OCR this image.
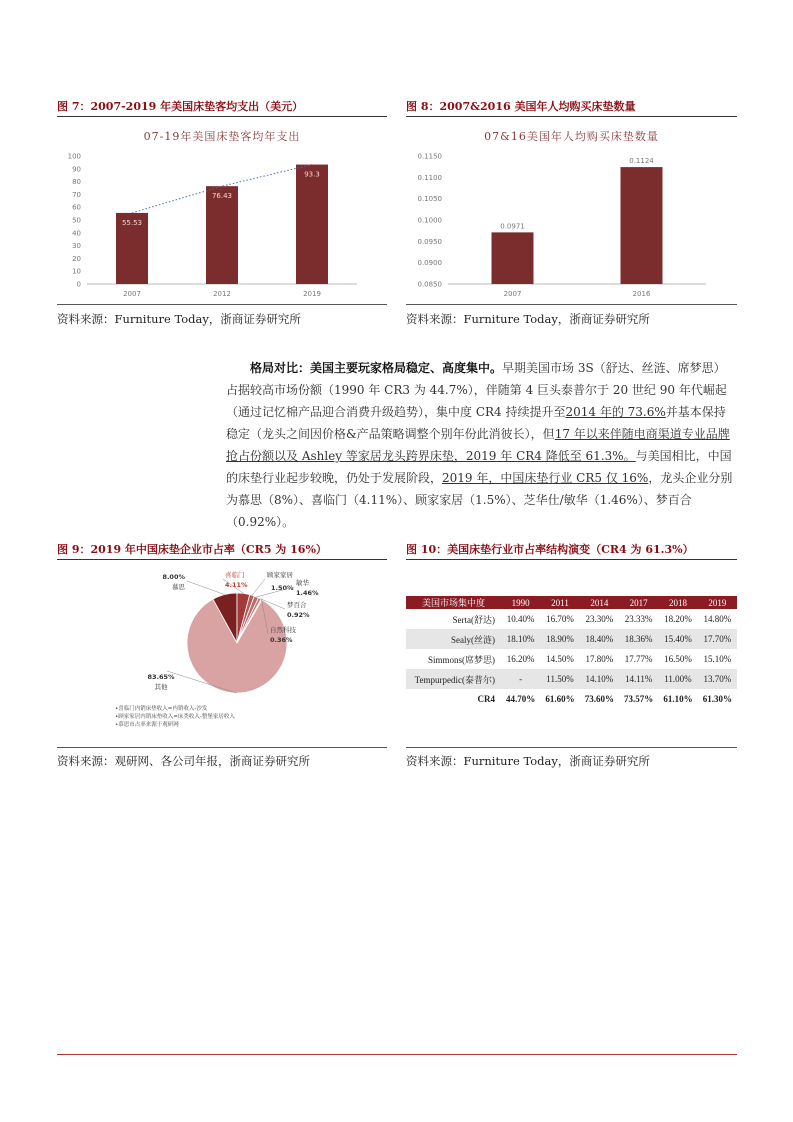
图 7：2007-2019 年美国床垫客均支出（美元）
07-19年美国床垫客均年支出
0
10
20
30
40
50
60
70
80
90
100
55.53
2007
76.43
2012
93.3
2019
资料来源：Furniture Today，浙商证券研究所
图 8：2007&2016 美国年人均购买床垫数量
07&16美国年人均购买床垫数量
0.0850
0.0900
0.0950
0.1000
0.1050
0.1100
0.1150
0.0971
2007
0.1124
2016
资料来源：Furniture Today，浙商证券研究所
格局对比：美国主要玩家格局稳定、高度集中。早期美国市场 3S（舒达、丝涟、席梦思）占据较高市场份额（1990 年 CR3 为 44.7%），伴随第 4 巨头泰普尔于 20 世纪 90 年代崛起（通过记忆棉产品迎合消费升级趋势），集中度 CR4 持续提升至2014 年的 73.6%并基本保持稳定（龙头之间因价格&产品策略调整个别年份此消彼长），但17 年以来伴随电商渠道专业品牌抢占份额以及 Ashley 等家居龙头跨界床垫，2019 年 CR4 降低至 61.3%。与美国相比，中国的床垫行业起步较晚，仍处于发展阶段，2019 年，中国床垫行业 CR5 仅 16%，龙头企业分别为慕思（8%）、喜临门（4.11%）、顾家家居（1.5%）、芝华仕/敏华（1.46%）、梦百合（0.92%）。
图 9：2019 年中国床垫企业市占率（CR5 为 16%）
8.00%
慕思
喜临门
4.11%
顾家家居
1.50%
敏华
1.46%
梦百合
0.92%
自然科技
0.36%
83.65%
其他
•喜临门内销床垫收入=内销收入-沙发
•顾家家居内销床垫收入=床类收入-整堡家居收入
•慕思市占率来源于观研网
资料来源：观研网、各公司年报，浙商证券研究所
图 10：美国床垫行业市占率结构演变（CR4 为 61.3%）
美国市场集中度	1990	2011	2014	2017	2018	2019
Serta(舒达)	10.40%	16.70%	23.30%	23.33%	18.20%	14.80%
Sealy(丝涟)	18.10%	18.90%	18.40%	18.36%	15.40%	17.70%
Simmons(席梦思)	16.20%	14.50%	17.80%	17.77%	16.50%	15.10%
Tempurpedic(泰普尔)	-	11.50%	14.10%	14.11%	11.00%	13.70%
CR4	44.70%	61.60%	73.60%	73.57%	61.10%	61.30%
资料来源：Furniture Today，浙商证券研究所
